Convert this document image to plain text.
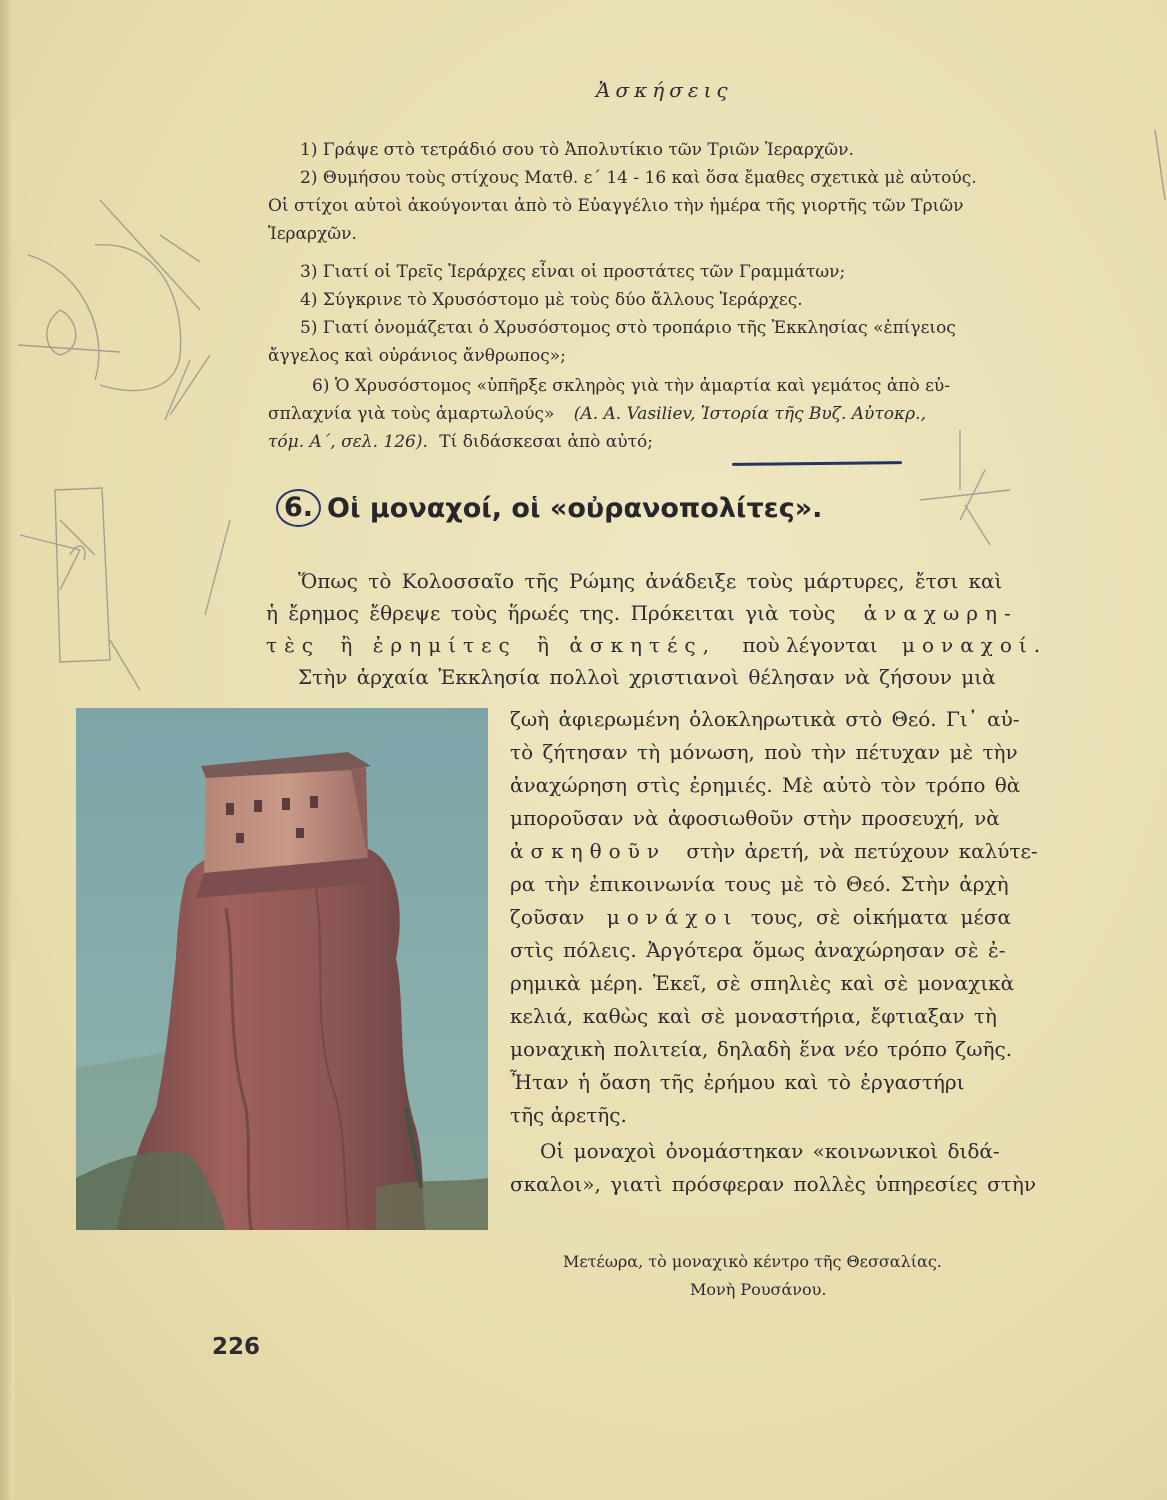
Ἀσκήσεις
1) Γράψε στὸ τετράδιό σου τὸ Ἀπολυτίκιο τῶν Τριῶν Ἱεραρχῶν.
2) Θυμήσου τοὺς στίχους Ματθ. ε΄ 14 - 16 καὶ ὅσα ἔμαθες σχετικὰ μὲ αὐτούς.
Οἱ στίχοι αὐτοὶ ἀκούγονται ἀπὸ τὸ Εὐαγγέλιο τὴν ἡμέρα τῆς γιορτῆς τῶν Τριῶν
Ἱεραρχῶν.
3) Γιατί οἱ Τρεῖς Ἱεράρχες εἶναι οἱ προστάτες τῶν Γραμμάτων;
4) Σύγκρινε τὸ Χρυσόστομο μὲ τοὺς δύο ἄλλους Ἱεράρχες.
5) Γιατί ὀνομάζεται ὁ Χρυσόστομος στὸ τροπάριο τῆς Ἐκκλησίας «ἐπίγειος
ἄγγελος καὶ οὐράνιος ἄνθρωπος»;
6) Ὁ Χρυσόστομος «ὑπῆρξε σκληρὸς γιὰ τὴν ἁμαρτία καὶ γεμάτος ἀπὸ εὐ-
σπλαχνία γιὰ τοὺς ἁμαρτωλούς» (Α. Α. Vasiliev, Ἱστορία τῆς Βυζ. Αὐτοκρ.,
τόμ. Α΄, σελ. 126). Τί διδάσκεσαι ἀπὸ αὐτό;
6. Οἱ μοναχοί, οἱ «οὐρανοπολίτες».
Ὅπως τὸ Κολοσσαῖο τῆς Ρώμης ἀνάδειξε τοὺς μάρτυρες, ἔτσι καὶ
ἡ ἔρημος ἔθρεψε τοὺς ἥρωές της. Πρόκειται γιὰ τοὺς ἀναχωρη-
τὲς ἢ ἐρημίτες ἢ ἀσκητές, ποὺ λέγονται μοναχοί.
Στὴν ἀρχαία Ἐκκλησία πολλοὶ χριστιανοὶ θέλησαν νὰ ζήσουν μιὰ
ζωὴ ἀφιερωμένη ὁλοκληρωτικὰ στὸ Θεό. Γι᾽ αὐ-
τὸ ζήτησαν τὴ μόνωση, ποὺ τὴν πέτυχαν μὲ τὴν
ἀναχώρηση στὶς ἐρημιές. Μὲ αὐτὸ τὸν τρόπο θὰ
μποροῦσαν νὰ ἀφοσιωθοῦν στὴν προσευχή, νὰ
ἀσκηθοῦν στὴν ἀρετή, νὰ πετύχουν καλύτε-
ρα τὴν ἐπικοινωνία τους μὲ τὸ Θεό. Στὴν ἀρχὴ
ζοῦσαν μονάχοι τους, σὲ οἰκήματα μέσα
στὶς πόλεις. Ἀργότερα ὅμως ἀναχώρησαν σὲ ἐ-
ρημικὰ μέρη. Ἐκεῖ, σὲ σπηλιὲς καὶ σὲ μοναχικὰ
κελιά, καθὼς καὶ σὲ μοναστήρια, ἔφτιαξαν τὴ
μοναχικὴ πολιτεία, δηλαδὴ ἕνα νέο τρόπο ζωῆς.
Ἦταν ἡ ὄαση τῆς ἐρήμου καὶ τὸ ἐργαστήρι
τῆς ἀρετῆς.
Οἱ μοναχοὶ ὀνομάστηκαν «κοινωνικοὶ διδά-
σκαλοι», γιατὶ πρόσφεραν πολλὲς ὑπηρεσίες στὴν
Μετέωρα, τὸ μοναχικὸ κέντρο τῆς Θεσσαλίας.
Μονὴ Ρουσάνου.
226
